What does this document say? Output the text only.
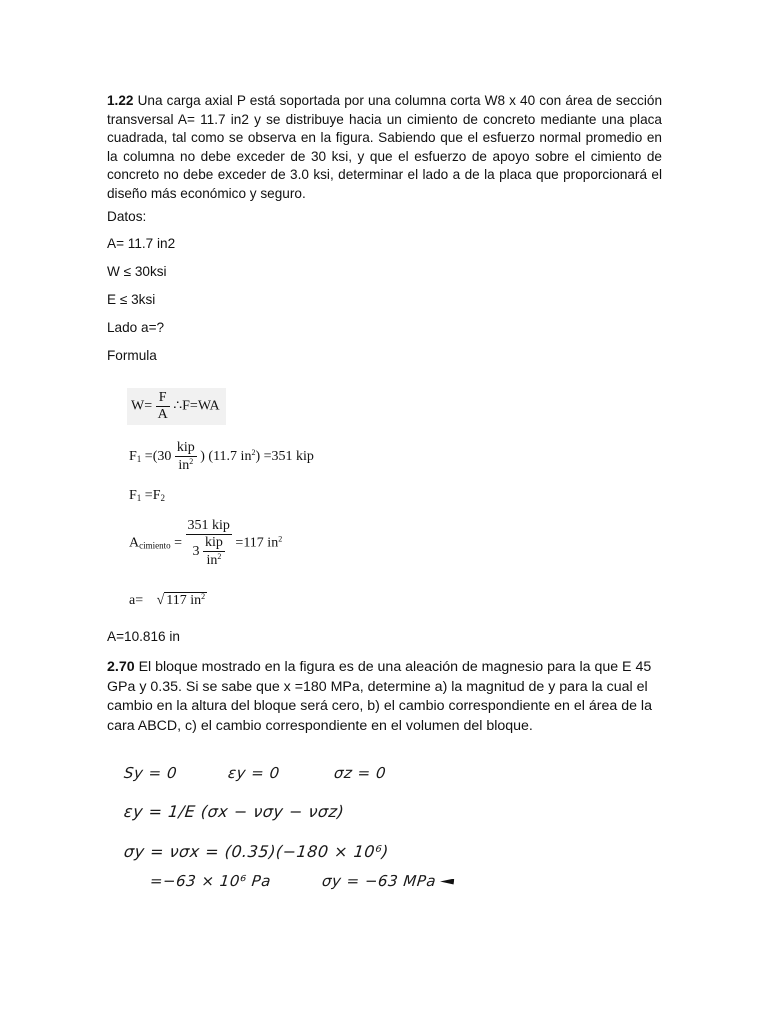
1.22 Una carga axial P está soportada por una columna corta W8 x 40 con área de sección transversal A= 11.7 in2 y se distribuye hacia un cimiento de concreto mediante una placa cuadrada, tal como se observa en la figura. Sabiendo que el esfuerzo normal promedio en la columna no debe exceder de 30 ksi, y que el esfuerzo de apoyo sobre el cimiento de concreto no debe exceder de 3.0 ksi, determinar el lado a de la placa que proporcionará el diseño más económico y seguro.
Datos:
A= 11.7 in2
W ≤ 30ksi
E ≤ 3ksi
Lado a=?
Formula
$W= \frac{F}{A}$ ∴F=WA
$F_1 =(30 \frac{\text{kip}}{in^2}$ ) (11.7 $in^2) =351$ kip
$F_1 =F_2$
$A_{cimiento} = \frac{\text{351 kip}}{3 \frac{\text{kip}}{in^2}} =117$ $in^2$
a= √ 117 $in^2$
A=10.816 in
2.70 El bloque mostrado en la figura es de una aleación de magnesio para la que E 45 GPa y 0.35. Si se sabe que x =180 MPa, determine a) la magnitud de y para la cual el cambio en la altura del bloque será cero, b) el cambio correspondiente en el área de la cara ABCD, c) el cambio correspondiente en el volumen del bloque.
Sy = 0	εy = 0	σz = 0
εy = 1/E (σx − νσy − νσz)
σy = νσx = (0.35)(−180 × 10⁶)
=−63 × 10⁶ Pa	σy = −63 MPa
